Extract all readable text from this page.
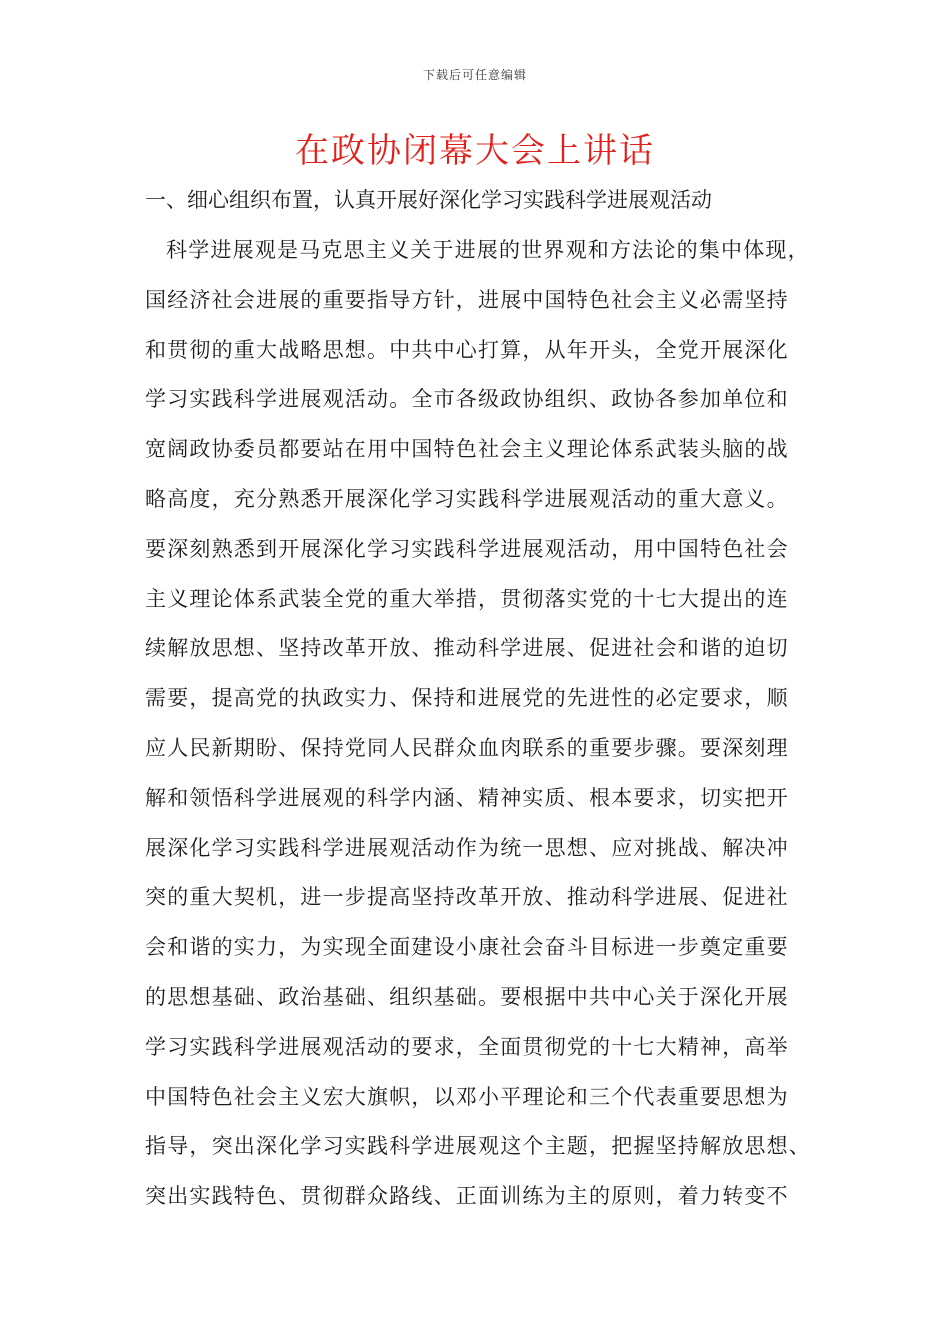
下载后可任意编辑
在政协闭幕大会上讲话
一、细心组织布置，认真开展好深化学习实践科学进展观活动
科学进展观是马克思主义关于进展的世界观和方法论的集中体现，
国经济社会进展的重要指导方针，进展中国特色社会主义必需坚持
和贯彻的重大战略思想。中共中心打算，从年开头，全党开展深化
学习实践科学进展观活动。全市各级政协组织、政协各参加单位和
宽阔政协委员都要站在用中国特色社会主义理论体系武装头脑的战
略高度，充分熟悉开展深化学习实践科学进展观活动的重大意义。
要深刻熟悉到开展深化学习实践科学进展观活动，用中国特色社会
主义理论体系武装全党的重大举措，贯彻落实党的十七大提出的连
续解放思想、坚持改革开放、推动科学进展、促进社会和谐的迫切
需要，提高党的执政实力、保持和进展党的先进性的必定要求，顺
应人民新期盼、保持党同人民群众血肉联系的重要步骤。要深刻理
解和领悟科学进展观的科学内涵、精神实质、根本要求，切实把开
展深化学习实践科学进展观活动作为统一思想、应对挑战、解决冲
突的重大契机，进一步提高坚持改革开放、推动科学进展、促进社
会和谐的实力，为实现全面建设小康社会奋斗目标进一步奠定重要
的思想基础、政治基础、组织基础。要根据中共中心关于深化开展
学习实践科学进展观活动的要求，全面贯彻党的十七大精神，高举
中国特色社会主义宏大旗帜，以邓小平理论和三个代表重要思想为
指导，突出深化学习实践科学进展观这个主题，把握坚持解放思想、
突出实践特色、贯彻群众路线、正面训练为主的原则，着力转变不
